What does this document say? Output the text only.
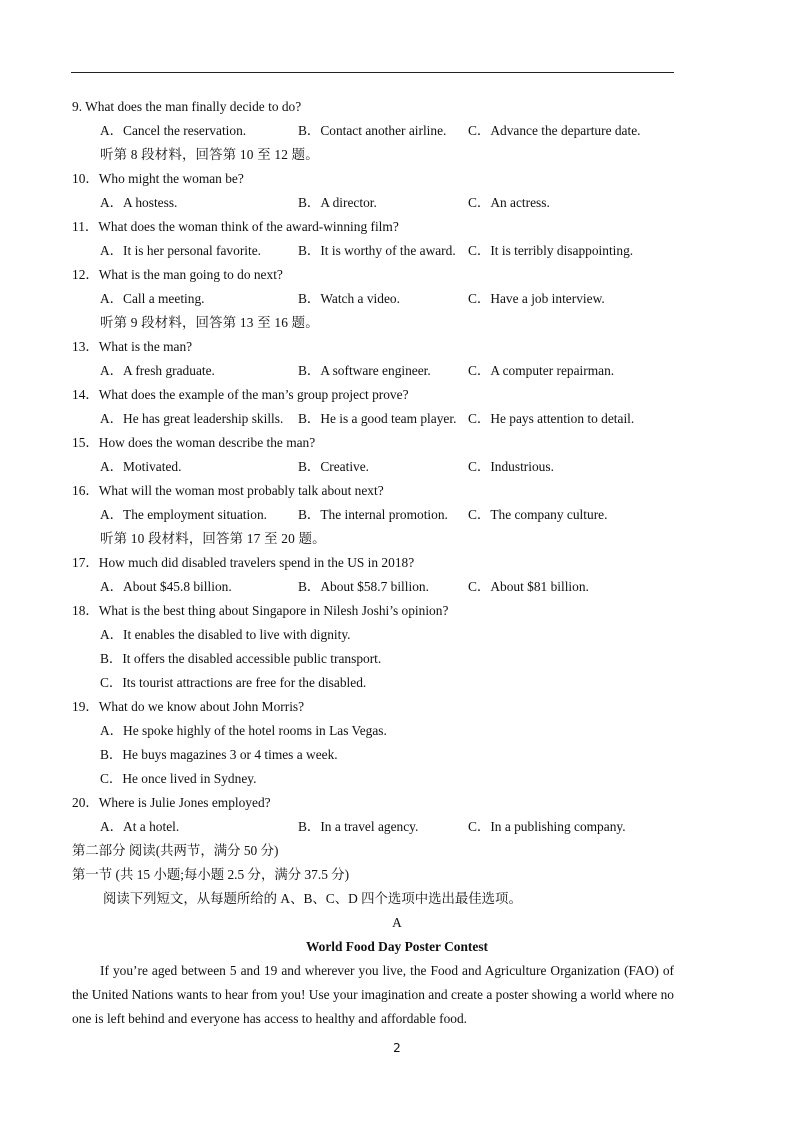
9. What does the man finally decide to do?
A．Cancel the reservation.	B．Contact another airline. C．Advance the departure date.
听第 8 段材料，回答第 10 至 12 题。
10．Who might the woman be?
A．A hostess.	B．A director.	C．An actress.
11．What does the woman think of the award-winning film?
A．It is her personal favorite.	B．It is worthy of the award. C．It is terribly disappointing.
12．What is the man going to do next?
A．Call a meeting.	B．Watch a video.	C．Have a job interview.
听第 9 段材料，回答第 13 至 16 题。
13．What is the man?
A．A fresh graduate.	B．A software engineer.	C．A computer repairman.
14．What does the example of the man’s group project prove?
A．He has great leadership skills. B．He is a good team player. C．He pays attention to detail.
15．How does the woman describe the man?
A．Motivated.	B．Creative.	C．Industrious.
16．What will the woman most probably talk about next?
A．The employment situation. B．The internal promotion. C．The company culture.
听第 10 段材料，回答第 17 至 20 题。
17．How much did disabled travelers spend in the US in 2018?
A．About $45.8 billion.	B．About $58.7 billion.	C．About $81 billion.
18．What is the best thing about Singapore in Nilesh Joshi’s opinion?
A．It enables the disabled to live with dignity.
B．It offers the disabled accessible public transport.
C．Its tourist attractions are free for the disabled.
19．What do we know about John Morris?
A．He spoke highly of the hotel rooms in Las Vegas.
B．He buys magazines 3 or 4 times a week.
C．He once lived in Sydney.
20．Where is Julie Jones employed?
A．At a hotel.	B．In a travel agency.	C．In a publishing company.
第二部分 阅读(共两节，满分 50 分)
第一节 (共 15 小题;每小题 2.5 分，满分 37.5 分)
阅读下列短文，从每题所给的 A、B、C、D 四个选项中选出最佳选项。
A
World Food Day Poster Contest
If you’re aged between 5 and 19 and wherever you live, the Food and Agriculture Organization (FAO) of the United Nations wants to hear from you! Use your imagination and create a poster showing a world where no one is left behind and everyone has access to healthy and affordable food.
2
